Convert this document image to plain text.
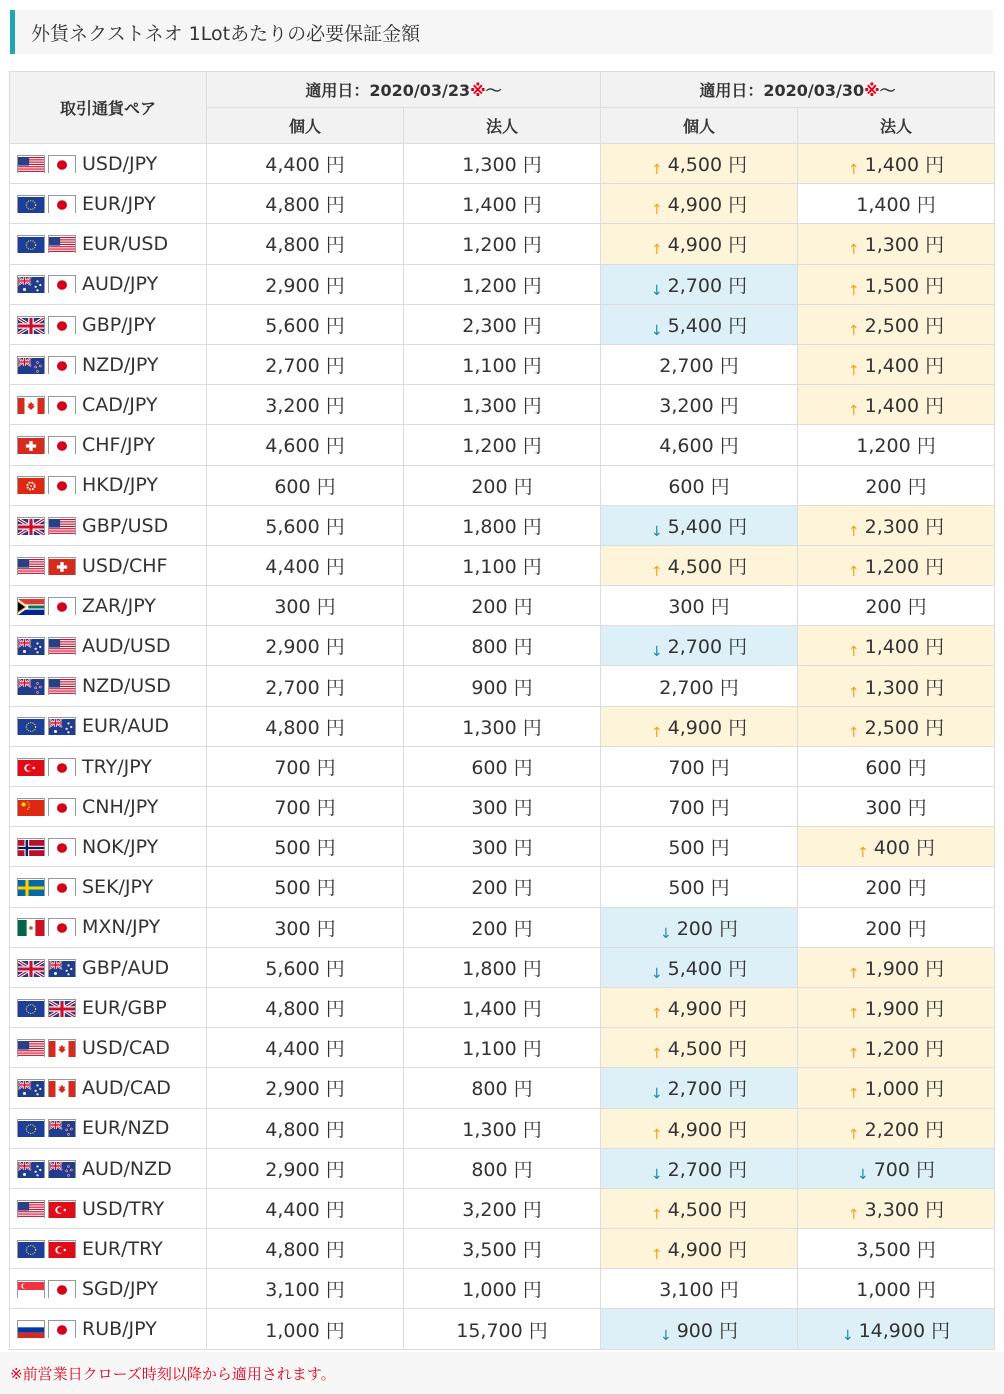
外貨ネクストネオ 1Lotあたりの必要保証金額
取引通貨ペア	適用日：2020/03/23※〜		適用日：2020/03/30※〜	
	個人	法人	個人	法人
USD/JPY	4,400 円	1,300 円	↑ 4,500 円	↑ 1,400 円
EUR/JPY	4,800 円	1,400 円	↑ 4,900 円	1,400 円
EUR/USD	4,800 円	1,200 円	↑ 4,900 円	↑ 1,300 円
AUD/JPY	2,900 円	1,200 円	↓ 2,700 円	↑ 1,500 円
GBP/JPY	5,600 円	2,300 円	↓ 5,400 円	↑ 2,500 円
NZD/JPY	2,700 円	1,100 円	2,700 円	↑ 1,400 円
CAD/JPY	3,200 円	1,300 円	3,200 円	↑ 1,400 円
CHF/JPY	4,600 円	1,200 円	4,600 円	1,200 円
HKD/JPY	600 円	200 円	600 円	200 円
GBP/USD	5,600 円	1,800 円	↓ 5,400 円	↑ 2,300 円
USD/CHF	4,400 円	1,100 円	↑ 4,500 円	↑ 1,200 円
ZAR/JPY	300 円	200 円	300 円	200 円
AUD/USD	2,900 円	800 円	↓ 2,700 円	↑ 1,400 円
NZD/USD	2,700 円	900 円	2,700 円	↑ 1,300 円
EUR/AUD	4,800 円	1,300 円	↑ 4,900 円	↑ 2,500 円
TRY/JPY	700 円	600 円	700 円	600 円
CNH/JPY	700 円	300 円	700 円	300 円
NOK/JPY	500 円	300 円	500 円	↑ 400 円
SEK/JPY	500 円	200 円	500 円	200 円
MXN/JPY	300 円	200 円	↓ 200 円	200 円
GBP/AUD	5,600 円	1,800 円	↓ 5,400 円	↑ 1,900 円
EUR/GBP	4,800 円	1,400 円	↑ 4,900 円	↑ 1,900 円
USD/CAD	4,400 円	1,100 円	↑ 4,500 円	↑ 1,200 円
AUD/CAD	2,900 円	800 円	↓ 2,700 円	↑ 1,000 円
EUR/NZD	4,800 円	1,300 円	↑ 4,900 円	↑ 2,200 円
AUD/NZD	2,900 円	800 円	↓ 2,700 円	↓ 700 円
USD/TRY	4,400 円	3,200 円	↑ 4,500 円	↑ 3,300 円
EUR/TRY	4,800 円	3,500 円	↑ 4,900 円	3,500 円
SGD/JPY	3,100 円	1,000 円	3,100 円	1,000 円
RUB/JPY	1,000 円	15,700 円	↓ 900 円	↓ 14,900 円
※前営業日クローズ時刻以降から適用されます。
